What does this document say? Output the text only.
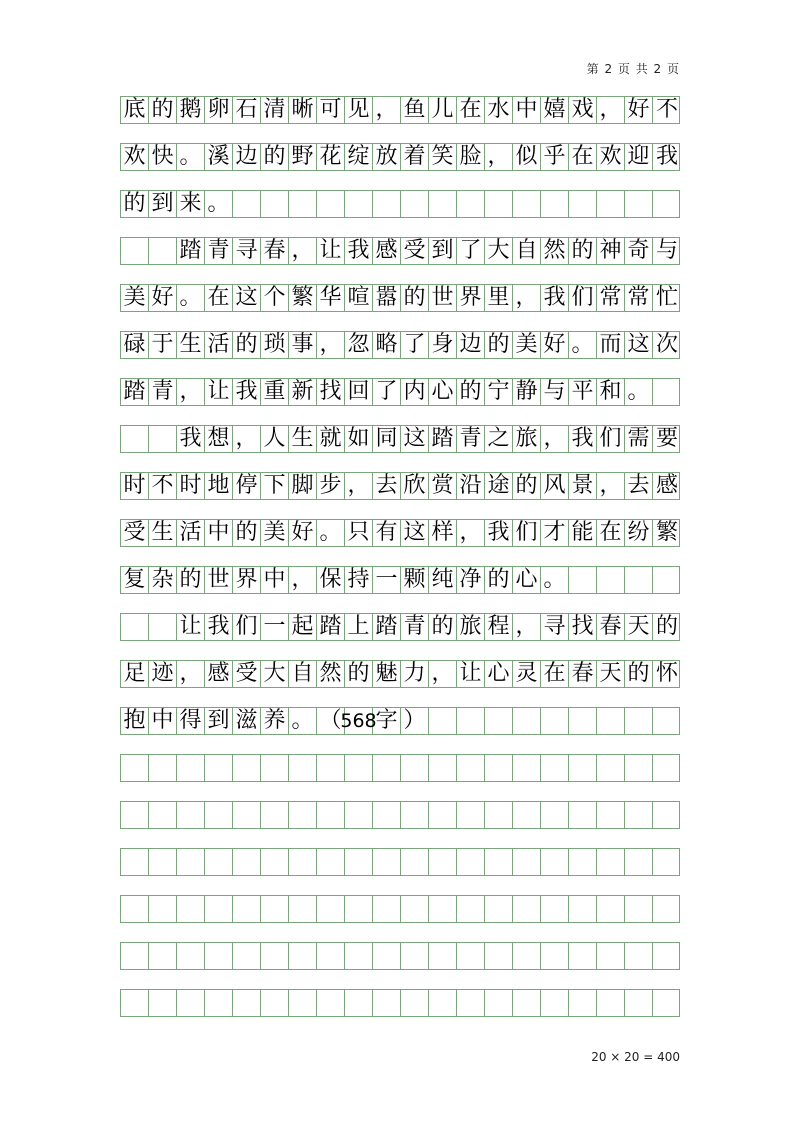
第 2 页 共 2 页
底 的 鹅 卵 石 清 晰 可 见 ， 鱼 儿 在 水 中 嬉 戏 ， 好 不
欢 快 。 溪 边 的 野 花 绽 放 着 笑 脸 ， 似 乎 在 欢 迎 我
的 到 来 。
踏 青 寻 春 ， 让 我 感 受 到 了 大 自 然 的 神 奇 与
美 好 。 在 这 个 繁 华 喧 嚣 的 世 界 里 ， 我 们 常 常 忙
碌 于 生 活 的 琐 事 ， 忽 略 了 身 边 的 美 好 。 而 这 次
踏 青 ， 让 我 重 新 找 回 了 内 心 的 宁 静 与 平 和 。
我 想 ， 人 生 就 如 同 这 踏 青 之 旅 ， 我 们 需 要
时 不 时 地 停 下 脚 步 ， 去 欣 赏 沿 途 的 风 景 ， 去 感
受 生 活 中 的 美 好 。 只 有 这 样 ， 我 们 才 能 在 纷 繁
复 杂 的 世 界 中 ， 保 持 一 颗 纯 净 的 心 。
让 我 们 一 起 踏 上 踏 青 的 旅 程 ， 寻 找 春 天 的
足 迹 ， 感 受 大 自 然 的 魅 力 ， 让 心 灵 在 春 天 的 怀
抱 中 得 到 滋 养 。 （
568
字 ）
20 × 20 = 400
